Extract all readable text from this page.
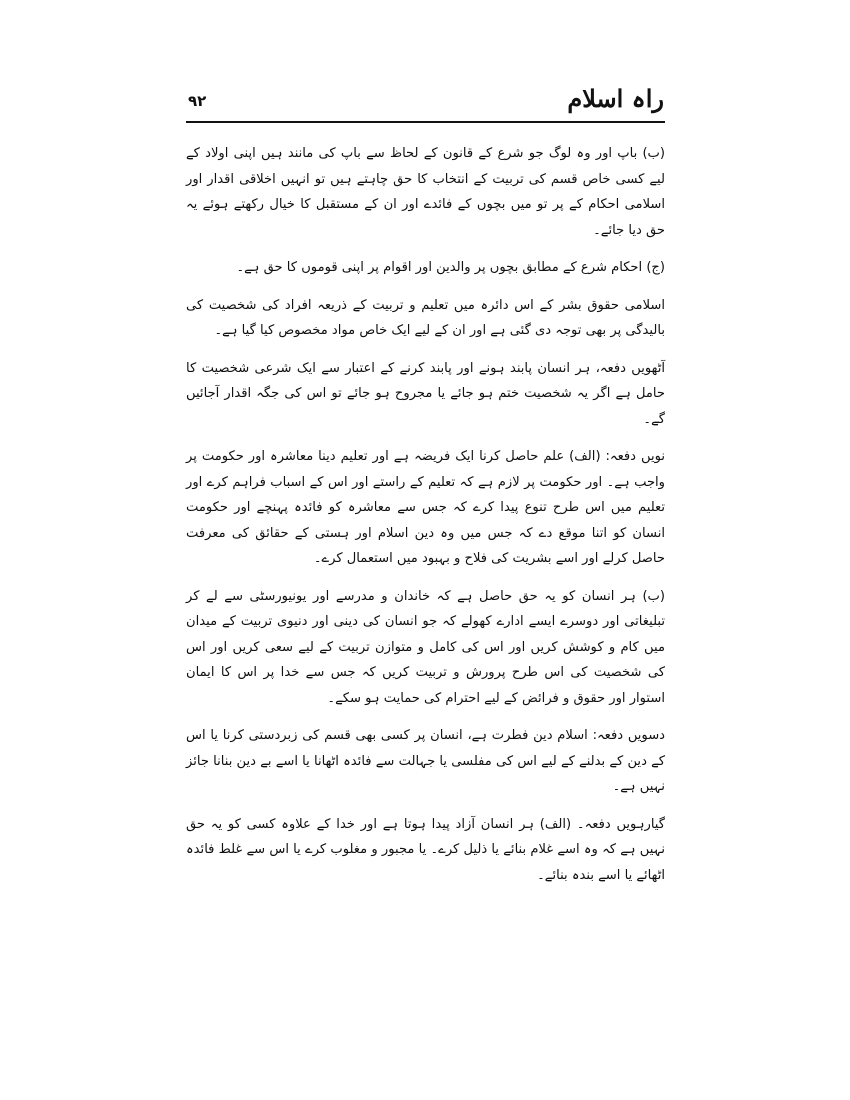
٩٢	راہ اسلام

(ب) باپ اور وہ لوگ جو شرع کے قانون کے لحاظ سے باپ کی مانند ہیں اپنی اولاد کے لیے کسی خاص قسم کی تربیت کے انتخاب کا حق چاہتے ہیں تو انہیں اخلاقی اقدار اور اسلامی احکام کے پر تو میں بچوں کے فائدے اور ان کے مستقبل کا خیال رکھتے ہوئے یہ حق دیا جائے۔

(ج) احکام شرع کے مطابق بچوں پر والدین اور اقوام پر اپنی قوموں کا حق ہے۔

اسلامی حقوق بشر کے اس دائرہ میں تعلیم و تربیت کے ذریعہ افراد کی شخصیت کی بالیدگی پر بھی توجہ دی گئی ہے اور ان کے لیے ایک خاص مواد مخصوص کیا گیا ہے۔

آٹھویں دفعہ، ہر انسان پابند ہونے اور پابند کرنے کے اعتبار سے ایک شرعی شخصیت کا حامل ہے اگر یہ شخصیت ختم ہو جائے یا مجروح ہو جائے تو اس کی جگہ اقدار آجائیں گے۔

نویں دفعہ: (الف) علم حاصل کرنا ایک فریضہ ہے اور تعلیم دینا معاشرہ اور حکومت پر واجب ہے۔ اور حکومت پر لازم ہے کہ تعلیم کے راستے اور اس کے اسباب فراہم کرے اور تعلیم میں اس طرح تنوع پیدا کرے کہ جس سے معاشرہ کو فائدہ پہنچے اور حکومت انسان کو اتنا موقع دے کہ جس میں وہ دین اسلام اور ہستی کے حقائق کی معرفت حاصل کرلے اور اسے بشریت کی فلاح و بہبود میں استعمال کرے۔

(ب) ہر انسان کو یہ حق حاصل ہے کہ خاندان و مدرسے اور یونیورسٹی سے لے کر تبلیغاتی اور دوسرے ایسے ادارے کھولے کہ جو انسان کی دینی اور دنیوی تربیت کے میدان میں کام و کوشش کریں اور اس کی کامل و متوازن تربیت کے لیے سعی کریں اور اس کی شخصیت کی اس طرح پرورش و تربیت کریں کہ جس سے خدا پر اس کا ایمان استوار اور حقوق و فرائض کے لیے احترام کی حمایت ہو سکے۔

دسویں دفعہ: اسلام دین فطرت ہے، انسان پر کسی بھی قسم کی زبردستی کرنا یا اس کے دین کے بدلنے کے لیے اس کی مفلسی یا جہالت سے فائدہ اٹھانا یا اسے بے دین بنانا جائز نہیں ہے۔

گیارہویں دفعہ۔ (الف) ہر انسان آزاد پیدا ہوتا ہے اور خدا کے علاوہ کسی کو یہ حق نہیں ہے کہ وہ اسے غلام بنائے یا ذلیل کرے۔ یا مجبور و مغلوب کرے یا اس سے غلط فائدہ اٹھائے یا اسے بندہ بنائے۔
